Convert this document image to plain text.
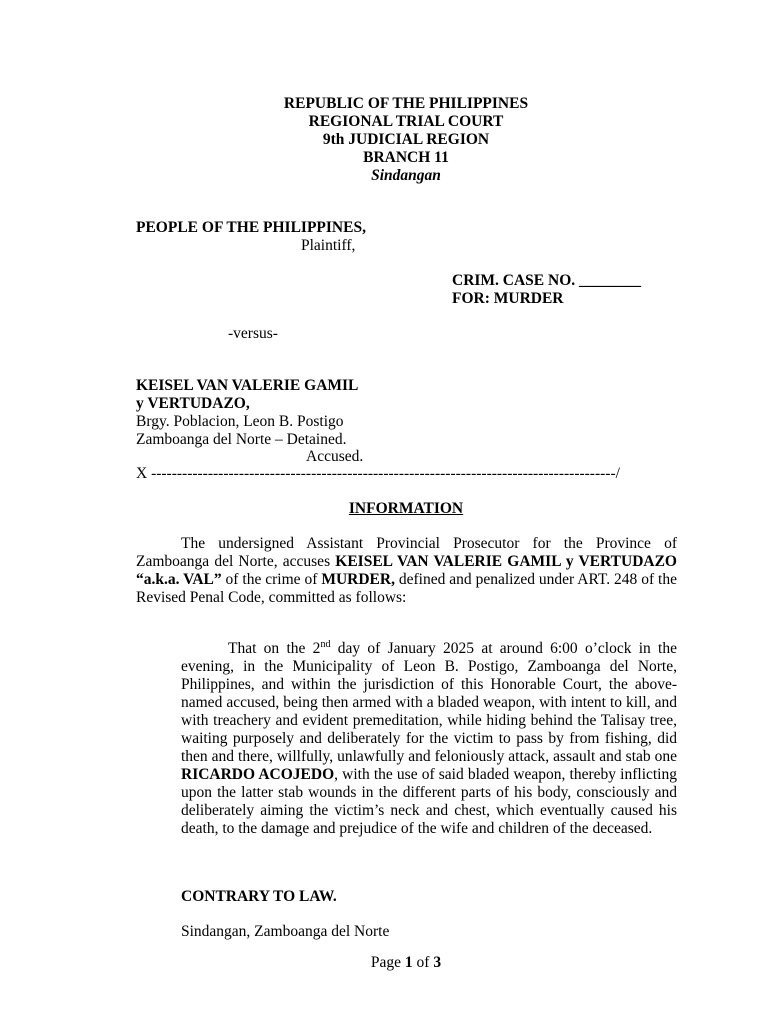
REPUBLIC OF THE PHILIPPINES
REGIONAL TRIAL COURT
9th JUDICIAL REGION
BRANCH 11
Sindangan
PEOPLE OF THE PHILIPPINES,
Plaintiff,
CRIM. CASE NO. ________
FOR: MURDER
-versus-
KEISEL VAN VALERIE GAMIL
y VERTUDAZO,
Brgy. Poblacion, Leon B. Postigo
Zamboanga del Norte – Detained.
Accused.
X ------------------------------------------------------------------------------------------/
INFORMATION
The undersigned Assistant Provincial Prosecutor for the Province of Zamboanga del Norte, accuses KEISEL VAN VALERIE GAMIL y VERTUDAZO “a.k.a. VAL” of the crime of MURDER, defined and penalized under ART. 248 of the Revised Penal Code, committed as follows:
That on the 2nd day of January 2025 at around 6:00 o’clock in the evening, in the Municipality of Leon B. Postigo, Zamboanga del Norte, Philippines, and within the jurisdiction of this Honorable Court, the above-named accused, being then armed with a bladed weapon, with intent to kill, and with treachery and evident premeditation, while hiding behind the Talisay tree, waiting purposely and deliberately for the victim to pass by from fishing, did then and there, willfully, unlawfully and feloniously attack, assault and stab one RICARDO ACOJEDO, with the use of said bladed weapon, thereby inflicting upon the latter stab wounds in the different parts of his body, consciously and deliberately aiming the victim’s neck and chest, which eventually caused his death, to the damage and prejudice of the wife and children of the deceased.
CONTRARY TO LAW.
Sindangan, Zamboanga del Norte
Page 1 of 3
